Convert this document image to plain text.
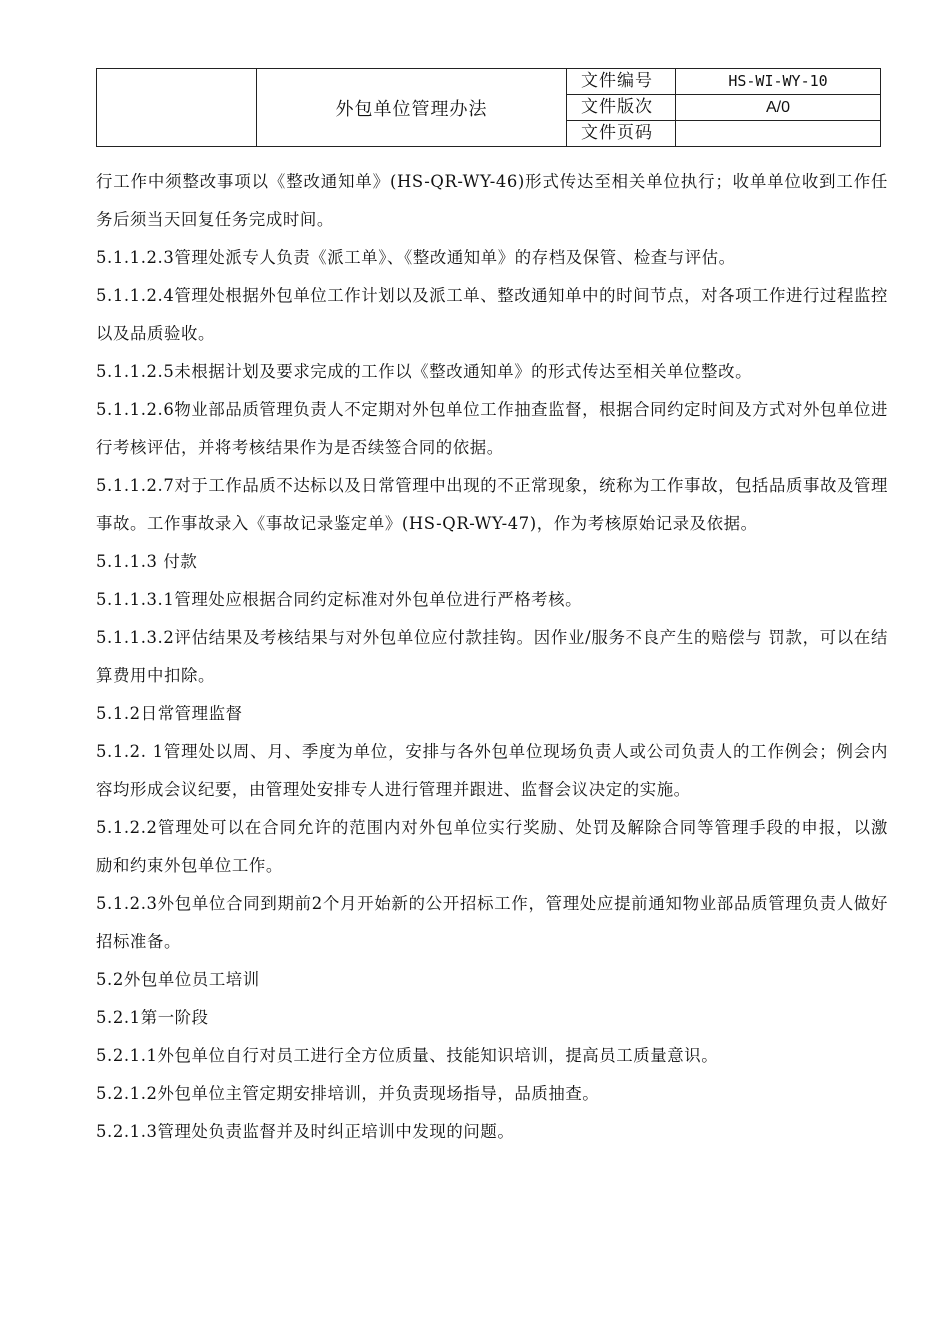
	外包单位管理办法	文件编号	HS-WI-WY-10

		文件版次	A/0

		文件页码	

行工作中须整改事项以《整改通知单》(HS-QR-WY-46)形式传达至相关单位执行；收单单位收到工作任务后须当天回复任务完成时间。

5.1.1.2.3管理处派专人负责《派工单》、《整改通知单》的存档及保管、检查与评估。

5.1.1.2.4管理处根据外包单位工作计划以及派工单、整改通知单中的时间节点，对各项工作进行过程监控以及品质验收。

5.1.1.2.5未根据计划及要求完成的工作以《整改通知单》的形式传达至相关单位整改。

5.1.1.2.6物业部品质管理负责人不定期对外包单位工作抽查监督，根据合同约定时间及方式对外包单位进行考核评估，并将考核结果作为是否续签合同的依据。

5.1.1.2.7对于工作品质不达标以及日常管理中出现的不正常现象，统称为工作事故，包括品质事故及管理事故。工作事故录入《事故记录鉴定单》(HS-QR-WY-47)，作为考核原始记录及依据。

5.1.1.3 付款

5.1.1.3.1管理处应根据合同约定标准对外包单位进行严格考核。

5.1.1.3.2评估结果及考核结果与对外包单位应付款挂钩。因作业/服务不良产生的赔偿与 罚款，可以在结算费用中扣除。

5.1.2日常管理监督

5.1.2. 1管理处以周、月、季度为单位，安排与各外包单位现场负责人或公司负责人的工作例会；例会内容均形成会议纪要，由管理处安排专人进行管理并跟进、监督会议决定的实施。

5.1.2.2管理处可以在合同允许的范围内对外包单位实行奖励、处罚及解除合同等管理手段的申报，以激励和约束外包单位工作。

5.1.2.3外包单位合同到期前2个月开始新的公开招标工作，管理处应提前通知物业部品质管理负责人做好招标准备。

5.2外包单位员工培训

5.2.1第一阶段

5.2.1.1外包单位自行对员工进行全方位质量、技能知识培训，提高员工质量意识。

5.2.1.2外包单位主管定期安排培训，并负责现场指导，品质抽查。

5.2.1.3管理处负责监督并及时纠正培训中发现的问题。
